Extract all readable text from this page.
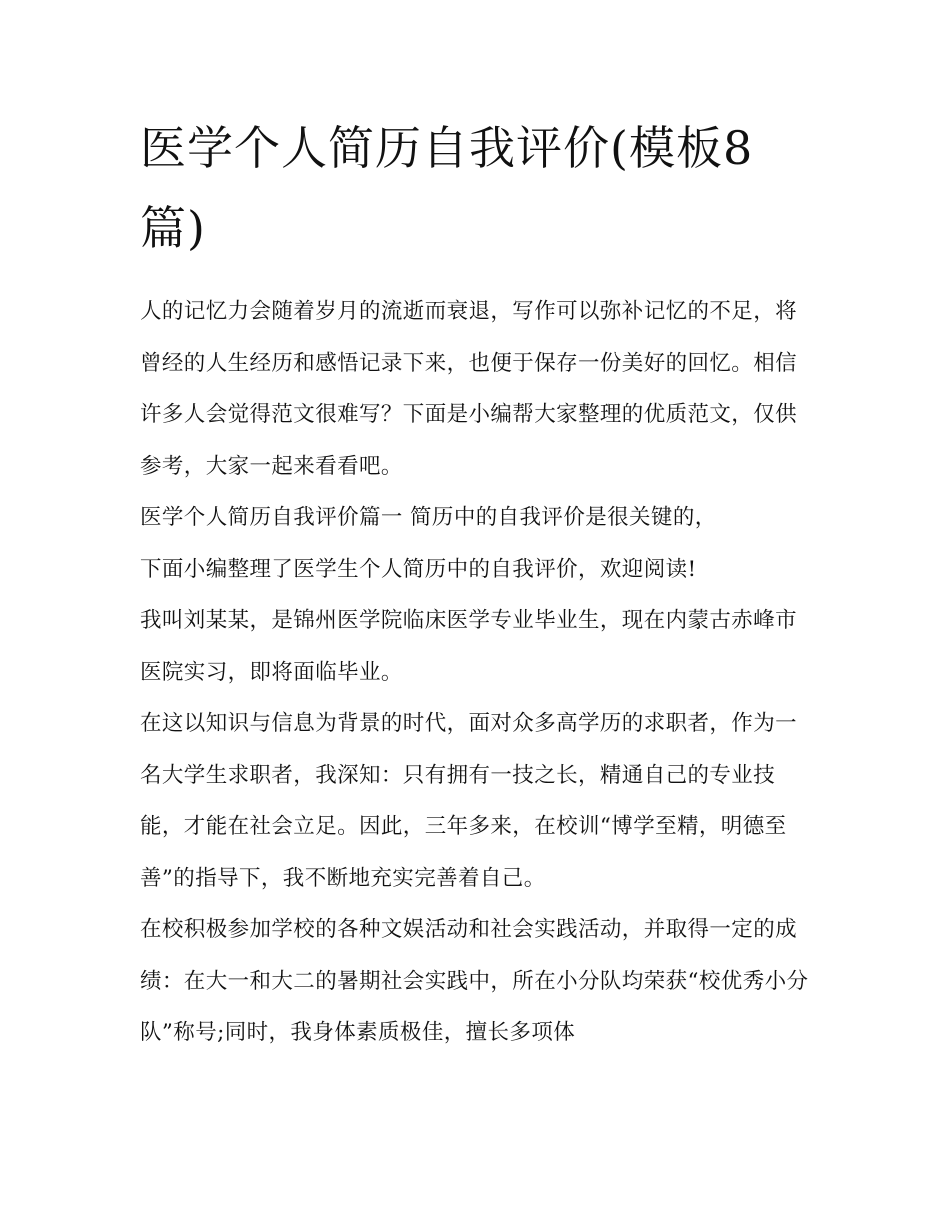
医学个人简历自我评价(模板8篇)

人的记忆力会随着岁月的流逝而衰退，写作可以弥补记忆的不足，将曾经的人生经历和感悟记录下来，也便于保存一份美好的回忆。相信许多人会觉得范文很难写？下面是小编帮大家整理的优质范文，仅供参考，大家一起来看看吧。

医学个人简历自我评价篇一 简历中的自我评价是很关键的，

下面小编整理了医学生个人简历中的自我评价，欢迎阅读!

我叫刘某某，是锦州医学院临床医学专业毕业生，现在内蒙古赤峰市医院实习，即将面临毕业。

在这以知识与信息为背景的时代，面对众多高学历的求职者，作为一名大学生求职者，我深知：只有拥有一技之长，精通自己的专业技能，才能在社会立足。因此，三年多来，在校训“博学至精，明德至善”的指导下，我不断地充实完善着自己。

在校积极参加学校的各种文娱活动和社会实践活动，并取得一定的成绩：在大一和大二的暑期社会实践中，所在小分队均荣获“校优秀小分队”称号;同时，我身体素质极佳，擅长多项体
